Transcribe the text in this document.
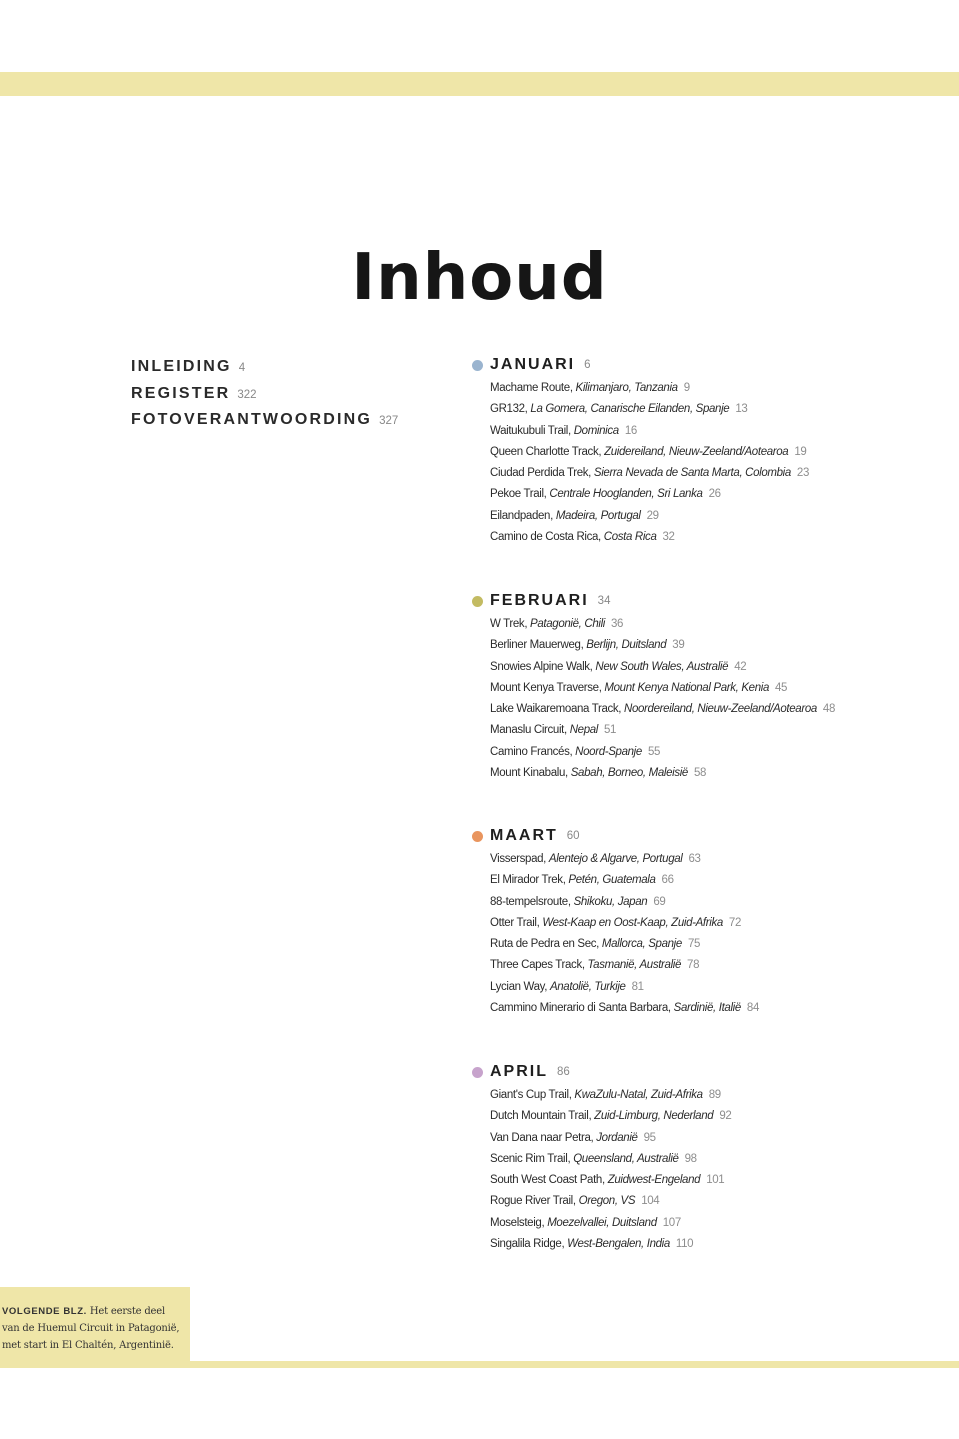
Inhoud
INLEIDING 4
REGISTER 322
FOTOVERANTWOORDING 327
JANUARI 6
Machame Route, Kilimanjaro, Tanzania 9
GR132, La Gomera, Canarische Eilanden, Spanje 13
Waitukubuli Trail, Dominica 16
Queen Charlotte Track, Zuidereiland, Nieuw-Zeeland/Aotearoa 19
Ciudad Perdida Trek, Sierra Nevada de Santa Marta, Colombia 23
Pekoe Trail, Centrale Hooglanden, Sri Lanka 26
Eilandpaden, Madeira, Portugal 29
Camino de Costa Rica, Costa Rica 32
FEBRUARI 34
W Trek, Patagonië, Chili 36
Berliner Mauerweg, Berlijn, Duitsland 39
Snowies Alpine Walk, New South Wales, Australië 42
Mount Kenya Traverse, Mount Kenya National Park, Kenia 45
Lake Waikaremoana Track, Noordereiland, Nieuw-Zeeland/Aotearoa 48
Manaslu Circuit, Nepal 51
Camino Francés, Noord-Spanje 55
Mount Kinabalu, Sabah, Borneo, Maleisië 58
MAART 60
Visserspad, Alentejo & Algarve, Portugal 63
El Mirador Trek, Petén, Guatemala 66
88-tempelsroute, Shikoku, Japan 69
Otter Trail, West-Kaap en Oost-Kaap, Zuid-Afrika 72
Ruta de Pedra en Sec, Mallorca, Spanje 75
Three Capes Track, Tasmanië, Australië 78
Lycian Way, Anatolië, Turkije 81
Cammino Minerario di Santa Barbara, Sardinië, Italië 84
APRIL 86
Giant's Cup Trail, KwaZulu-Natal, Zuid-Afrika 89
Dutch Mountain Trail, Zuid-Limburg, Nederland 92
Van Dana naar Petra, Jordanië 95
Scenic Rim Trail, Queensland, Australië 98
South West Coast Path, Zuidwest-Engeland 101
Rogue River Trail, Oregon, VS 104
Moselsteig, Moezelvallei, Duitsland 107
Singalila Ridge, West-Bengalen, India 110
VOLGENDE BLZ. Het eerste deel
van de Huemul Circuit in Patagonië,
met start in El Chaltén, Argentinië.
